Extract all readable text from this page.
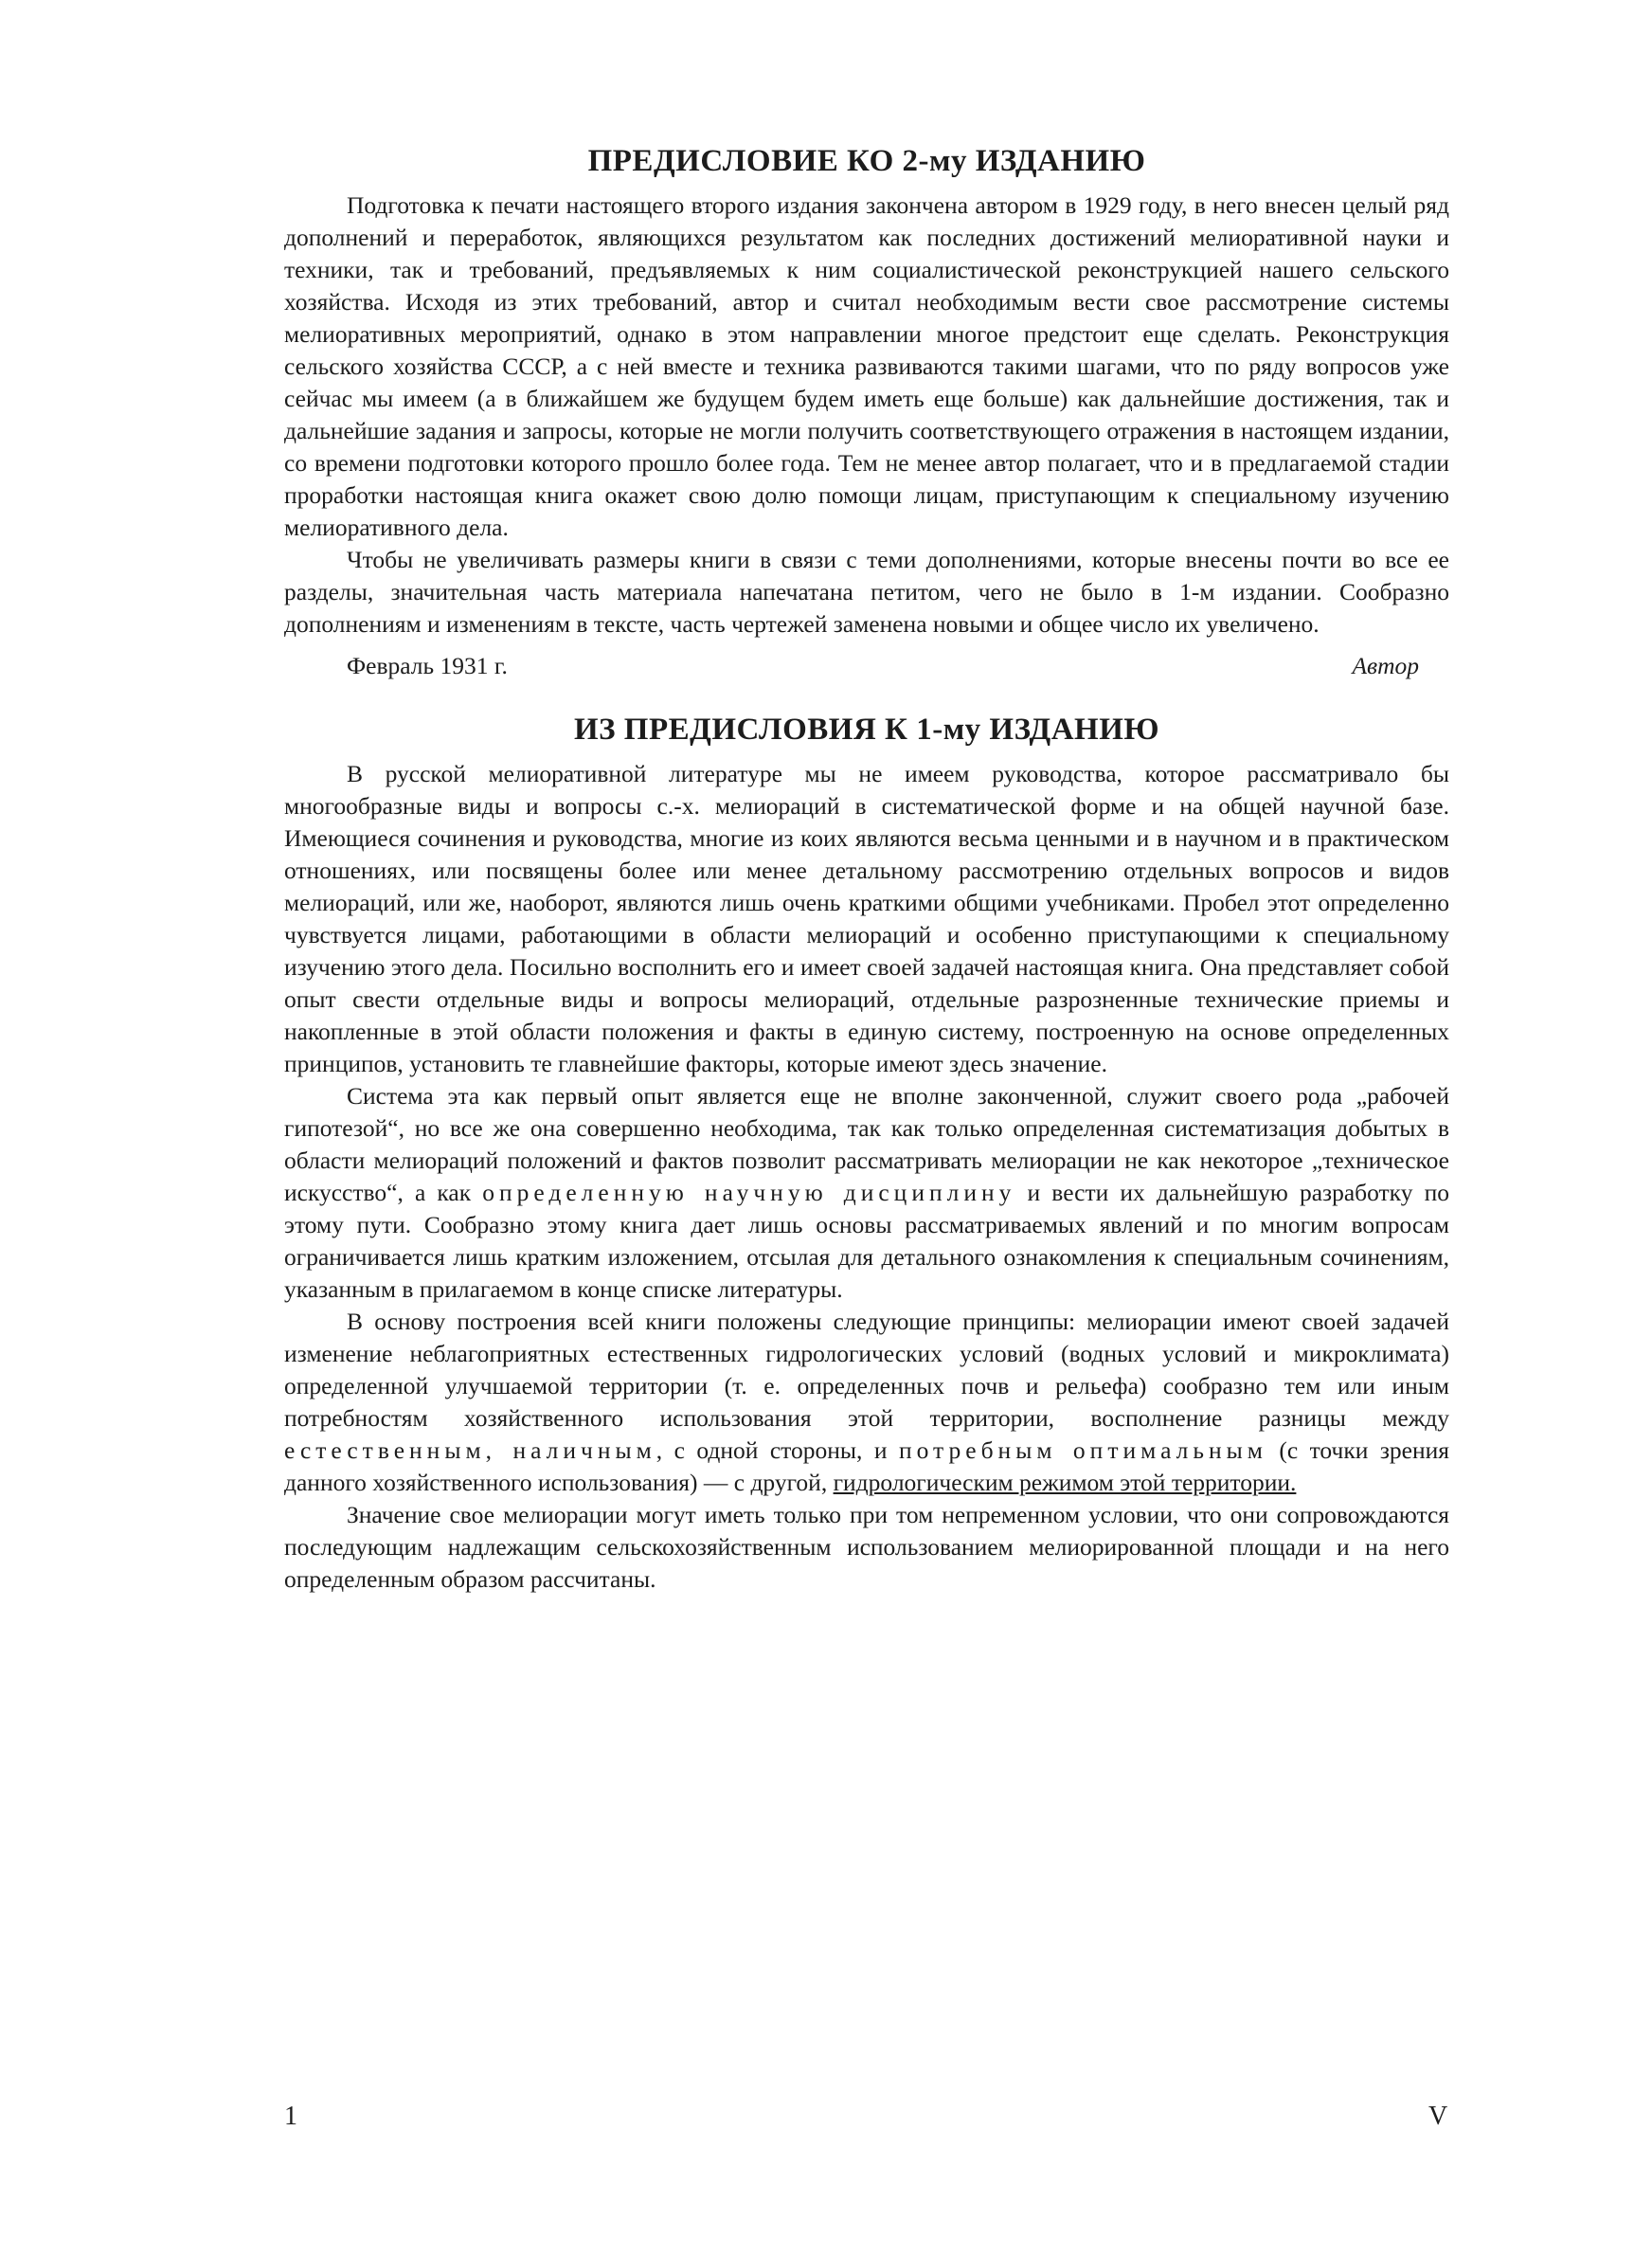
ПРЕДИСЛОВИЕ КО 2-му ИЗДАНИЮ

Подготовка к печати настоящего второго издания закончена автором в 1929 году, в него внесен целый ряд дополнений и переработок, являющихся результатом как последних достижений мелиоративной науки и техники, так и требований, предъявляемых к ним социалистической реконструкцией нашего сельского хозяйства. Исходя из этих требований, автор и считал необходимым вести свое рассмотрение системы мелиоративных мероприятий, однако в этом направлении многое предстоит еще сделать. Реконструкция сельского хозяйства СССР, а с ней вместе и техника развиваются такими шагами, что по ряду вопросов уже сейчас мы имеем (а в ближайшем же будущем будем иметь еще больше) как дальнейшие достижения, так и дальнейшие задания и запросы, которые не могли получить соответствующего отражения в настоящем издании, со времени подготовки которого прошло более года. Тем не менее автор полагает, что и в предлагаемой стадии проработки настоящая книга окажет свою долю помощи лицам, приступающим к специальному изучению мелиоративного дела.

Чтобы не увеличивать размеры книги в связи с теми дополнениями, которые внесены почти во все ее разделы, значительная часть материала напечатана петитом, чего не было в 1-м издании. Сообразно дополнениям и изменениям в тексте, часть чертежей заменена новыми и общее число их увеличено.

Февраль 1931 г.	Автор
ИЗ ПРЕДИСЛОВИЯ К 1-му ИЗДАНИЮ

В русской мелиоративной литературе мы не имеем руководства, которое рассматривало бы многообразные виды и вопросы с.-х. мелиораций в систематической форме и на общей научной базе. Имеющиеся сочинения и руководства, многие из коих являются весьма ценными и в научном и в практическом отношениях, или посвящены более или менее детальному рассмотрению отдельных вопросов и видов мелиораций, или же, наоборот, являются лишь очень краткими общими учебниками. Пробел этот определенно чувствуется лицами, работающими в области мелиораций и особенно приступающими к специальному изучению этого дела. Посильно восполнить его и имеет своей задачей настоящая книга. Она представляет собой опыт свести отдельные виды и вопросы мелиораций, отдельные разрозненные технические приемы и накопленные в этой области положения и факты в единую систему, построенную на основе определенных принципов, установить те главнейшие факторы, которые имеют здесь значение.

Система эта как первый опыт является еще не вполне законченной, служит своего рода „рабочей гипотезой“, но все же она совершенно необходима, так как только определенная систематизация добытых в области мелиораций положений и фактов позволит рассматривать мелиорации не как некоторое „техническое искусство“, а как определенную научную дисциплину и вести их дальнейшую разработку по этому пути. Сообразно этому книга дает лишь основы рассматриваемых явлений и по многим вопросам ограничивается лишь кратким изложением, отсылая для детального ознакомления к специальным сочинениям, указанным в прилагаемом в конце списке литературы.

В основу построения всей книги положены следующие принципы: мелиорации имеют своей задачей изменение неблагоприятных естественных гидрологических условий (водных условий и микроклимата) определенной улучшаемой территории (т. е. определенных почв и рельефа) сообразно тем или иным потребностям хозяйственного использования этой территории, восполнение разницы между естественным, наличным, с одной стороны, и потребным оптимальным (с точки зрения данного хозяйственного использования) — с другой, гидрологическим режимом этой территории.

Значение свое мелиорации могут иметь только при том непременном условии, что они сопровождаются последующим надлежащим сельскохозяйственным использованием мелиорированной площади и на него определенным образом рассчитаны.

1	V
